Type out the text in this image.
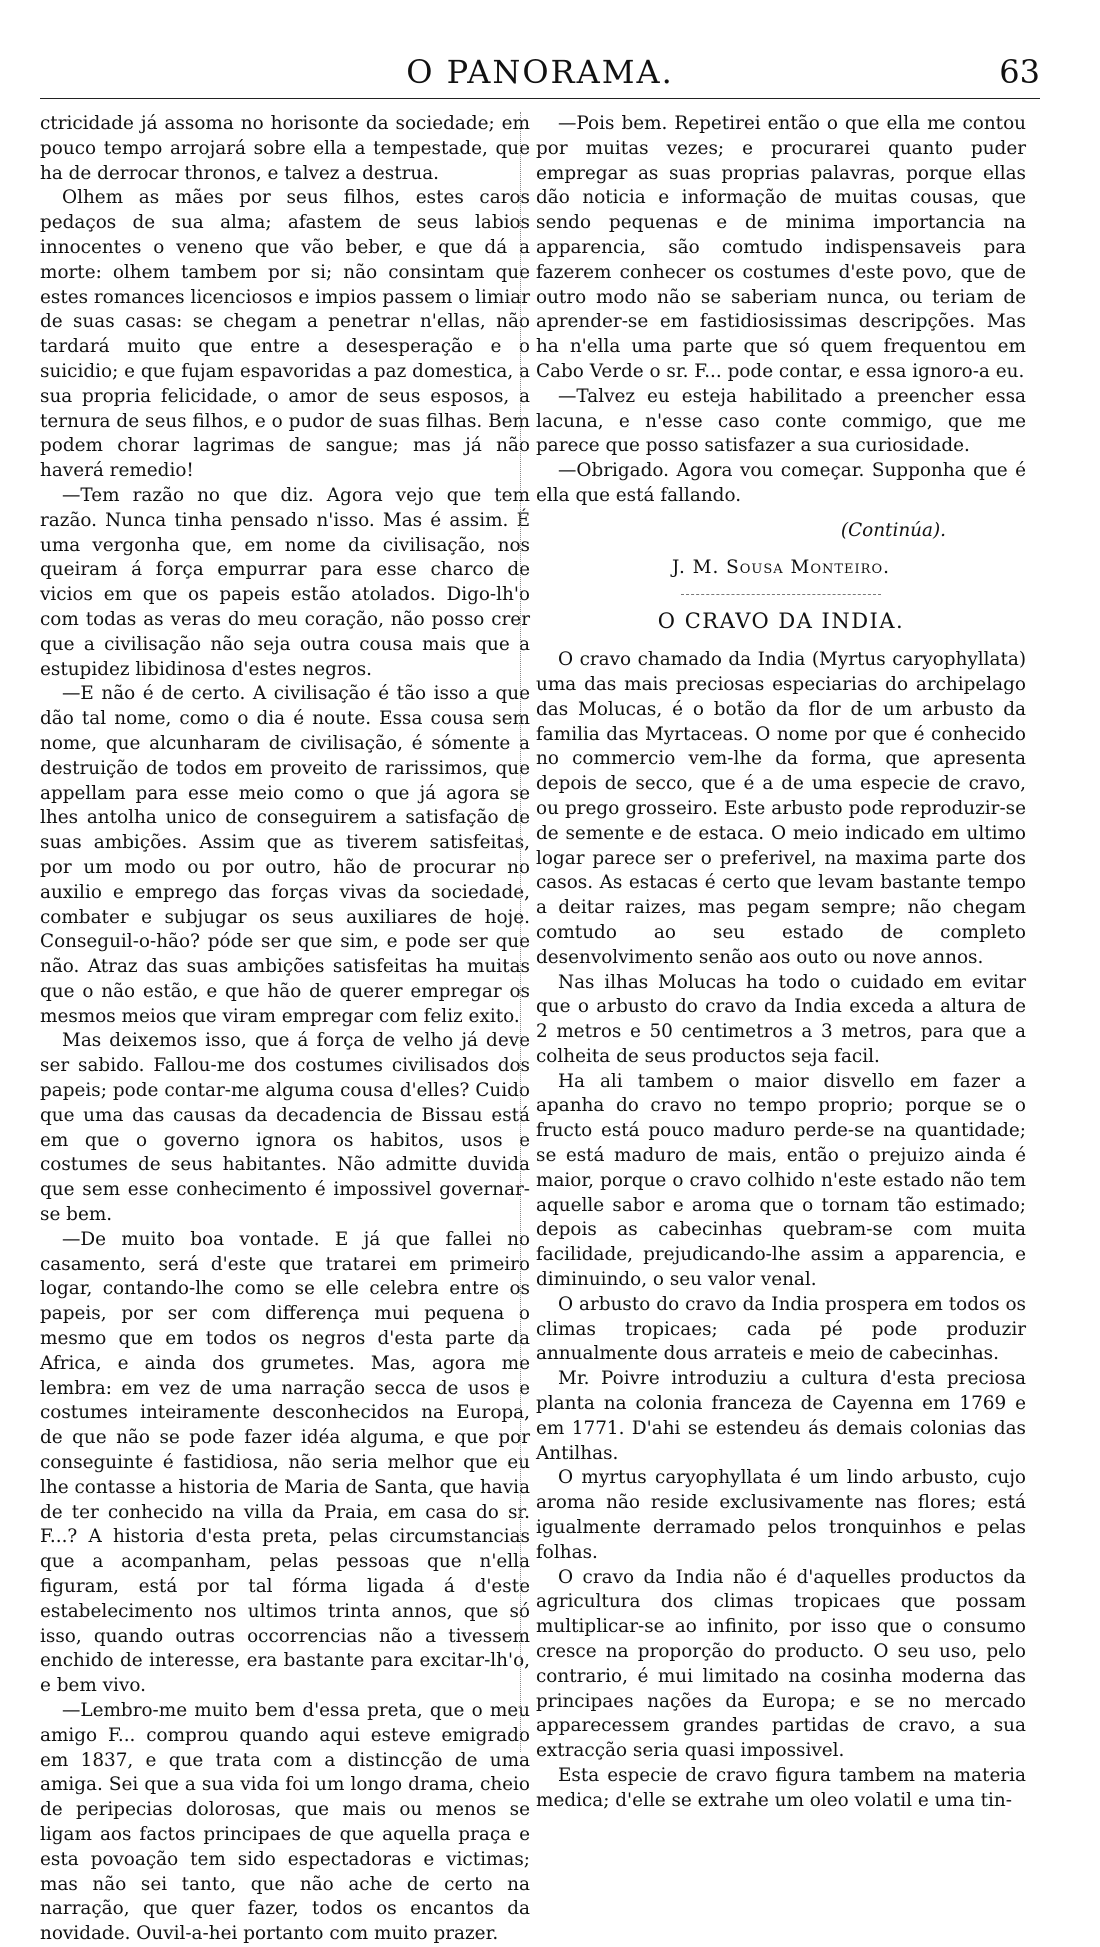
O PANORAMA.	63

ctricidade já assoma no horisonte da sociedade; em pouco tempo arrojará sobre ella a tempestade, que ha de derrocar thronos, e talvez a destrua.

Olhem as mães por seus filhos, estes caros pedaços de sua alma; afastem de seus labios innocentes o veneno que vão beber, e que dá a morte: olhem tambem por si; não consintam que estes romances licenciosos e impios passem o limiar de suas casas: se chegam a penetrar n'ellas, não tardará muito que entre a desesperação e o suicidio; e que fujam espavoridas a paz domestica, a sua propria felicidade, o amor de seus esposos, a ternura de seus filhos, e o pudor de suas filhas. Bem podem chorar lagrimas de sangue; mas já não haverá remedio!

—Tem razão no que diz. Agora vejo que tem razão. Nunca tinha pensado n'isso. Mas é assim. É uma vergonha que, em nome da civilisação, nos queiram á força empurrar para esse charco de vicios em que os papeis estão atolados. Digo-lh'o com todas as veras do meu coração, não posso crer que a civilisação não seja outra cousa mais que a estupidez libidinosa d'estes negros.

—E não é de certo. A civilisação é tão isso a que dão tal nome, como o dia é noute. Essa cousa sem nome, que alcunharam de civilisação, é sómente a destruição de todos em proveito de rarissimos, que appellam para esse meio como o que já agora se lhes antolha unico de conseguirem a satisfação de suas ambições. Assim que as tiverem satisfeitas, por um modo ou por outro, hão de procurar no auxilio e emprego das forças vivas da sociedade, combater e subjugar os seus auxiliares de hoje. Conseguil-o-hão? póde ser que sim, e pode ser que não. Atraz das suas ambições satisfeitas ha muitas que o não estão, e que hão de querer empregar os mesmos meios que viram empregar com feliz exito.

Mas deixemos isso, que á força de velho já deve ser sabido. Fallou-me dos costumes civilisados dos papeis; pode contar-me alguma cousa d'elles? Cuido que uma das causas da decadencia de Bissau está em que o governo ignora os habitos, usos e costumes de seus habitantes. Não admitte duvida que sem esse conhecimento é impossivel governar-se bem.

—De muito boa vontade. E já que fallei no casamento, será d'este que tratarei em primeiro logar, contando-lhe como se elle celebra entre os papeis, por ser com differença mui pequena o mesmo que em todos os negros d'esta parte da Africa, e ainda dos grumetes. Mas, agora me lembra: em vez de uma narração secca de usos e costumes inteiramente desconhecidos na Europa, de que não se pode fazer idéa alguma, e que por conseguinte é fastidiosa, não seria melhor que eu lhe contasse a historia de Maria de Santa, que havia de ter conhecido na villa da Praia, em casa do sr. F...? A historia d'esta preta, pelas circumstancias que a acompanham, pelas pessoas que n'ella figuram, está por tal fórma ligada á d'este estabelecimento nos ultimos trinta annos, que só isso, quando outras occorrencias não a tivessem enchido de interesse, era bastante para excitar-lh'o, e bem vivo.

—Lembro-me muito bem d'essa preta, que o meu amigo F... comprou quando aqui esteve emigrado em 1837, e que trata com a distincção de uma amiga. Sei que a sua vida foi um longo drama, cheio de peripecias dolorosas, que mais ou menos se ligam aos factos principaes de que aquella praça e esta povoação tem sido espectadoras e victimas; mas não sei tanto, que não ache de certo na narração, que quer fazer, todos os encantos da novidade. Ouvil-a-hei portanto com muito prazer.

—Pois bem. Repetirei então o que ella me contou por muitas vezes; e procurarei quanto puder empregar as suas proprias palavras, porque ellas dão noticia e informação de muitas cousas, que sendo pequenas e de minima importancia na apparencia, são comtudo indispensaveis para fazerem conhecer os costumes d'este povo, que de outro modo não se saberiam nunca, ou teriam de aprender-se em fastidiosissimas descripções. Mas ha n'ella uma parte que só quem frequentou em Cabo Verde o sr. F... pode contar, e essa ignoro-a eu.

—Talvez eu esteja habilitado a preencher essa lacuna, e n'esse caso conte commigo, que me parece que posso satisfazer a sua curiosidade.

—Obrigado. Agora vou começar. Supponha que é ella que está fallando.

(Continúa).

J. M. Sousa Monteiro.

O CRAVO DA INDIA.

O cravo chamado da India (Myrtus caryophyllata) uma das mais preciosas especiarias do archipelago das Molucas, é o botão da flor de um arbusto da familia das Myrtaceas. O nome por que é conhecido no commercio vem-lhe da forma, que apresenta depois de secco, que é a de uma especie de cravo, ou prego grosseiro. Este arbusto pode reproduzir-se de semente e de estaca. O meio indicado em ultimo logar parece ser o preferivel, na maxima parte dos casos. As estacas é certo que levam bastante tempo a deitar raizes, mas pegam sempre; não chegam comtudo ao seu estado de completo desenvolvimento senão aos outo ou nove annos.

Nas ilhas Molucas ha todo o cuidado em evitar que o arbusto do cravo da India exceda a altura de 2 metros e 50 centimetros a 3 metros, para que a colheita de seus productos seja facil.

Ha ali tambem o maior disvello em fazer a apanha do cravo no tempo proprio; porque se o fructo está pouco maduro perde-se na quantidade; se está maduro de mais, então o prejuizo ainda é maior, porque o cravo colhido n'este estado não tem aquelle sabor e aroma que o tornam tão estimado; depois as cabecinhas quebram-se com muita facilidade, prejudicando-lhe assim a apparencia, e diminuindo, o seu valor venal.

O arbusto do cravo da India prospera em todos os climas tropicaes; cada pé pode produzir annualmente dous arrateis e meio de cabecinhas.

Mr. Poivre introduziu a cultura d'esta preciosa planta na colonia franceza de Cayenna em 1769 e em 1771. D'ahi se estendeu ás demais colonias das Antilhas.

O myrtus caryophyllata é um lindo arbusto, cujo aroma não reside exclusivamente nas flores; está igualmente derramado pelos tronquinhos e pelas folhas.

O cravo da India não é d'aquelles productos da agricultura dos climas tropicaes que possam multiplicar-se ao infinito, por isso que o consumo cresce na proporção do producto. O seu uso, pelo contrario, é mui limitado na cosinha moderna das principaes nações da Europa; e se no mercado apparecessem grandes partidas de cravo, a sua extracção seria quasi impossivel.

Esta especie de cravo figura tambem na materia medica; d'elle se extrahe um oleo volatil e uma tin-
